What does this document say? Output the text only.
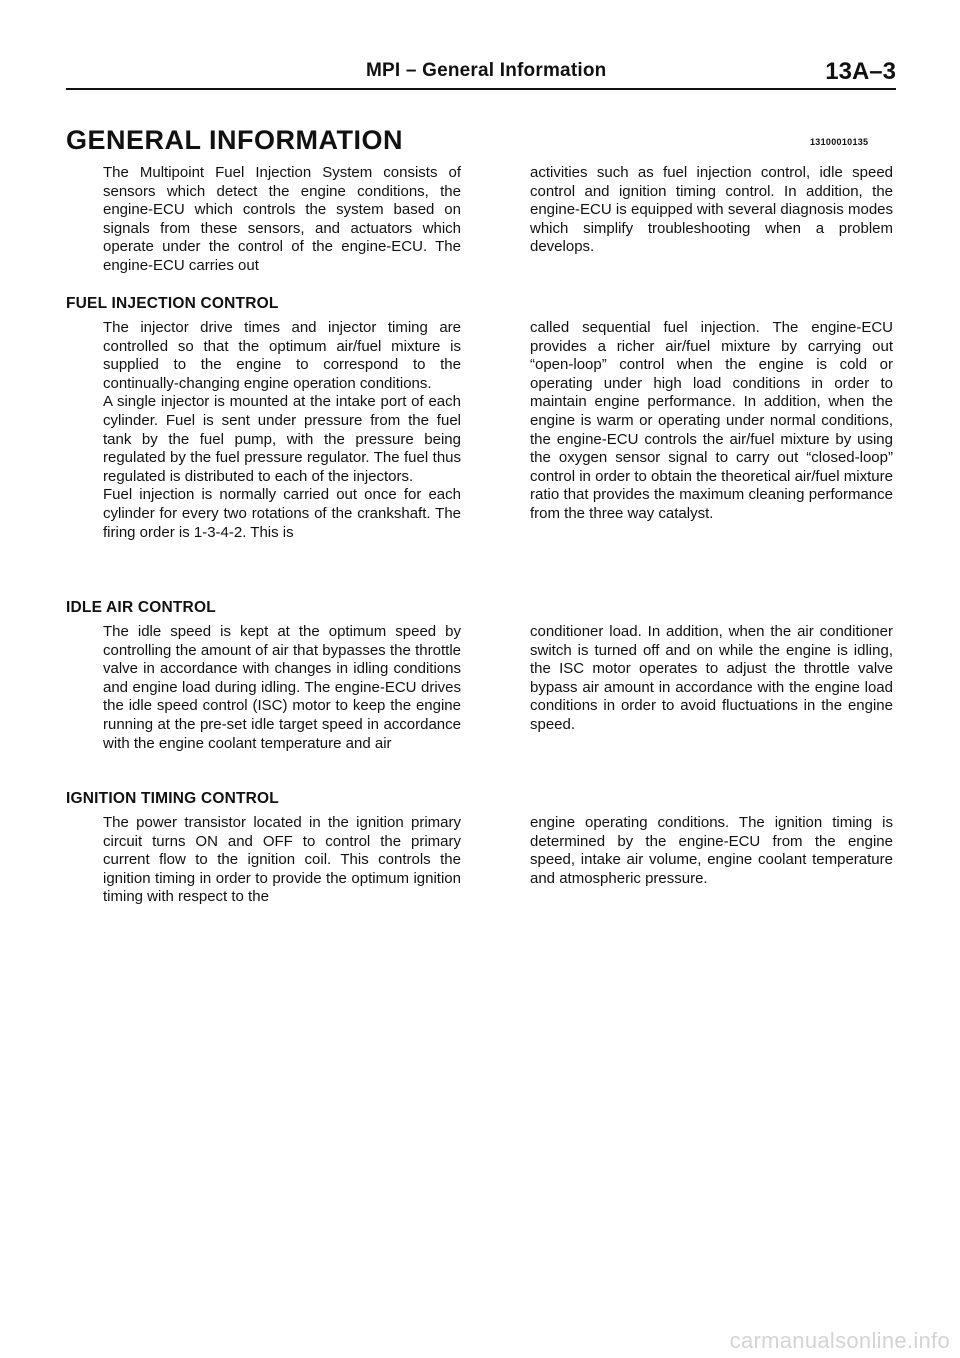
MPI – General Information	13A–3
GENERAL INFORMATION	13100010135

The Multipoint Fuel Injection System consists of sensors which detect the engine conditions, the engine-ECU which controls the system based on signals from these sensors, and actuators which operate under the control of the engine-ECU. The engine-ECU carries out

activities such as fuel injection control, idle speed control and ignition timing control. In addition, the engine-ECU is equipped with several diagnosis modes which simplify troubleshooting when a problem develops.

FUEL INJECTION CONTROL

The injector drive times and injector timing are controlled so that the optimum air/fuel mixture is supplied to the engine to correspond to the continually-changing engine operation conditions.

A single injector is mounted at the intake port of each cylinder. Fuel is sent under pressure from the fuel tank by the fuel pump, with the pressure being regulated by the fuel pressure regulator. The fuel thus regulated is distributed to each of the injectors.

Fuel injection is normally carried out once for each cylinder for every two rotations of the crankshaft. The firing order is 1-3-4-2. This is

called sequential fuel injection. The engine-ECU provides a richer air/fuel mixture by carrying out “open-loop” control when the engine is cold or operating under high load conditions in order to maintain engine performance. In addition, when the engine is warm or operating under normal conditions, the engine-ECU controls the air/fuel mixture by using the oxygen sensor signal to carry out “closed-loop” control in order to obtain the theoretical air/fuel mixture ratio that provides the maximum cleaning performance from the three way catalyst.

IDLE AIR CONTROL

The idle speed is kept at the optimum speed by controlling the amount of air that bypasses the throttle valve in accordance with changes in idling conditions and engine load during idling. The engine-ECU drives the idle speed control (ISC) motor to keep the engine running at the pre-set idle target speed in accordance with the engine coolant temperature and air

conditioner load. In addition, when the air conditioner switch is turned off and on while the engine is idling, the ISC motor operates to adjust the throttle valve bypass air amount in accordance with the engine load conditions in order to avoid fluctuations in the engine speed.

IGNITION TIMING CONTROL

The power transistor located in the ignition primary circuit turns ON and OFF to control the primary current flow to the ignition coil. This controls the ignition timing in order to provide the optimum ignition timing with respect to the

engine operating conditions. The ignition timing is determined by the engine-ECU from the engine speed, intake air volume, engine coolant temperature and atmospheric pressure.

carmanualsonline.info
